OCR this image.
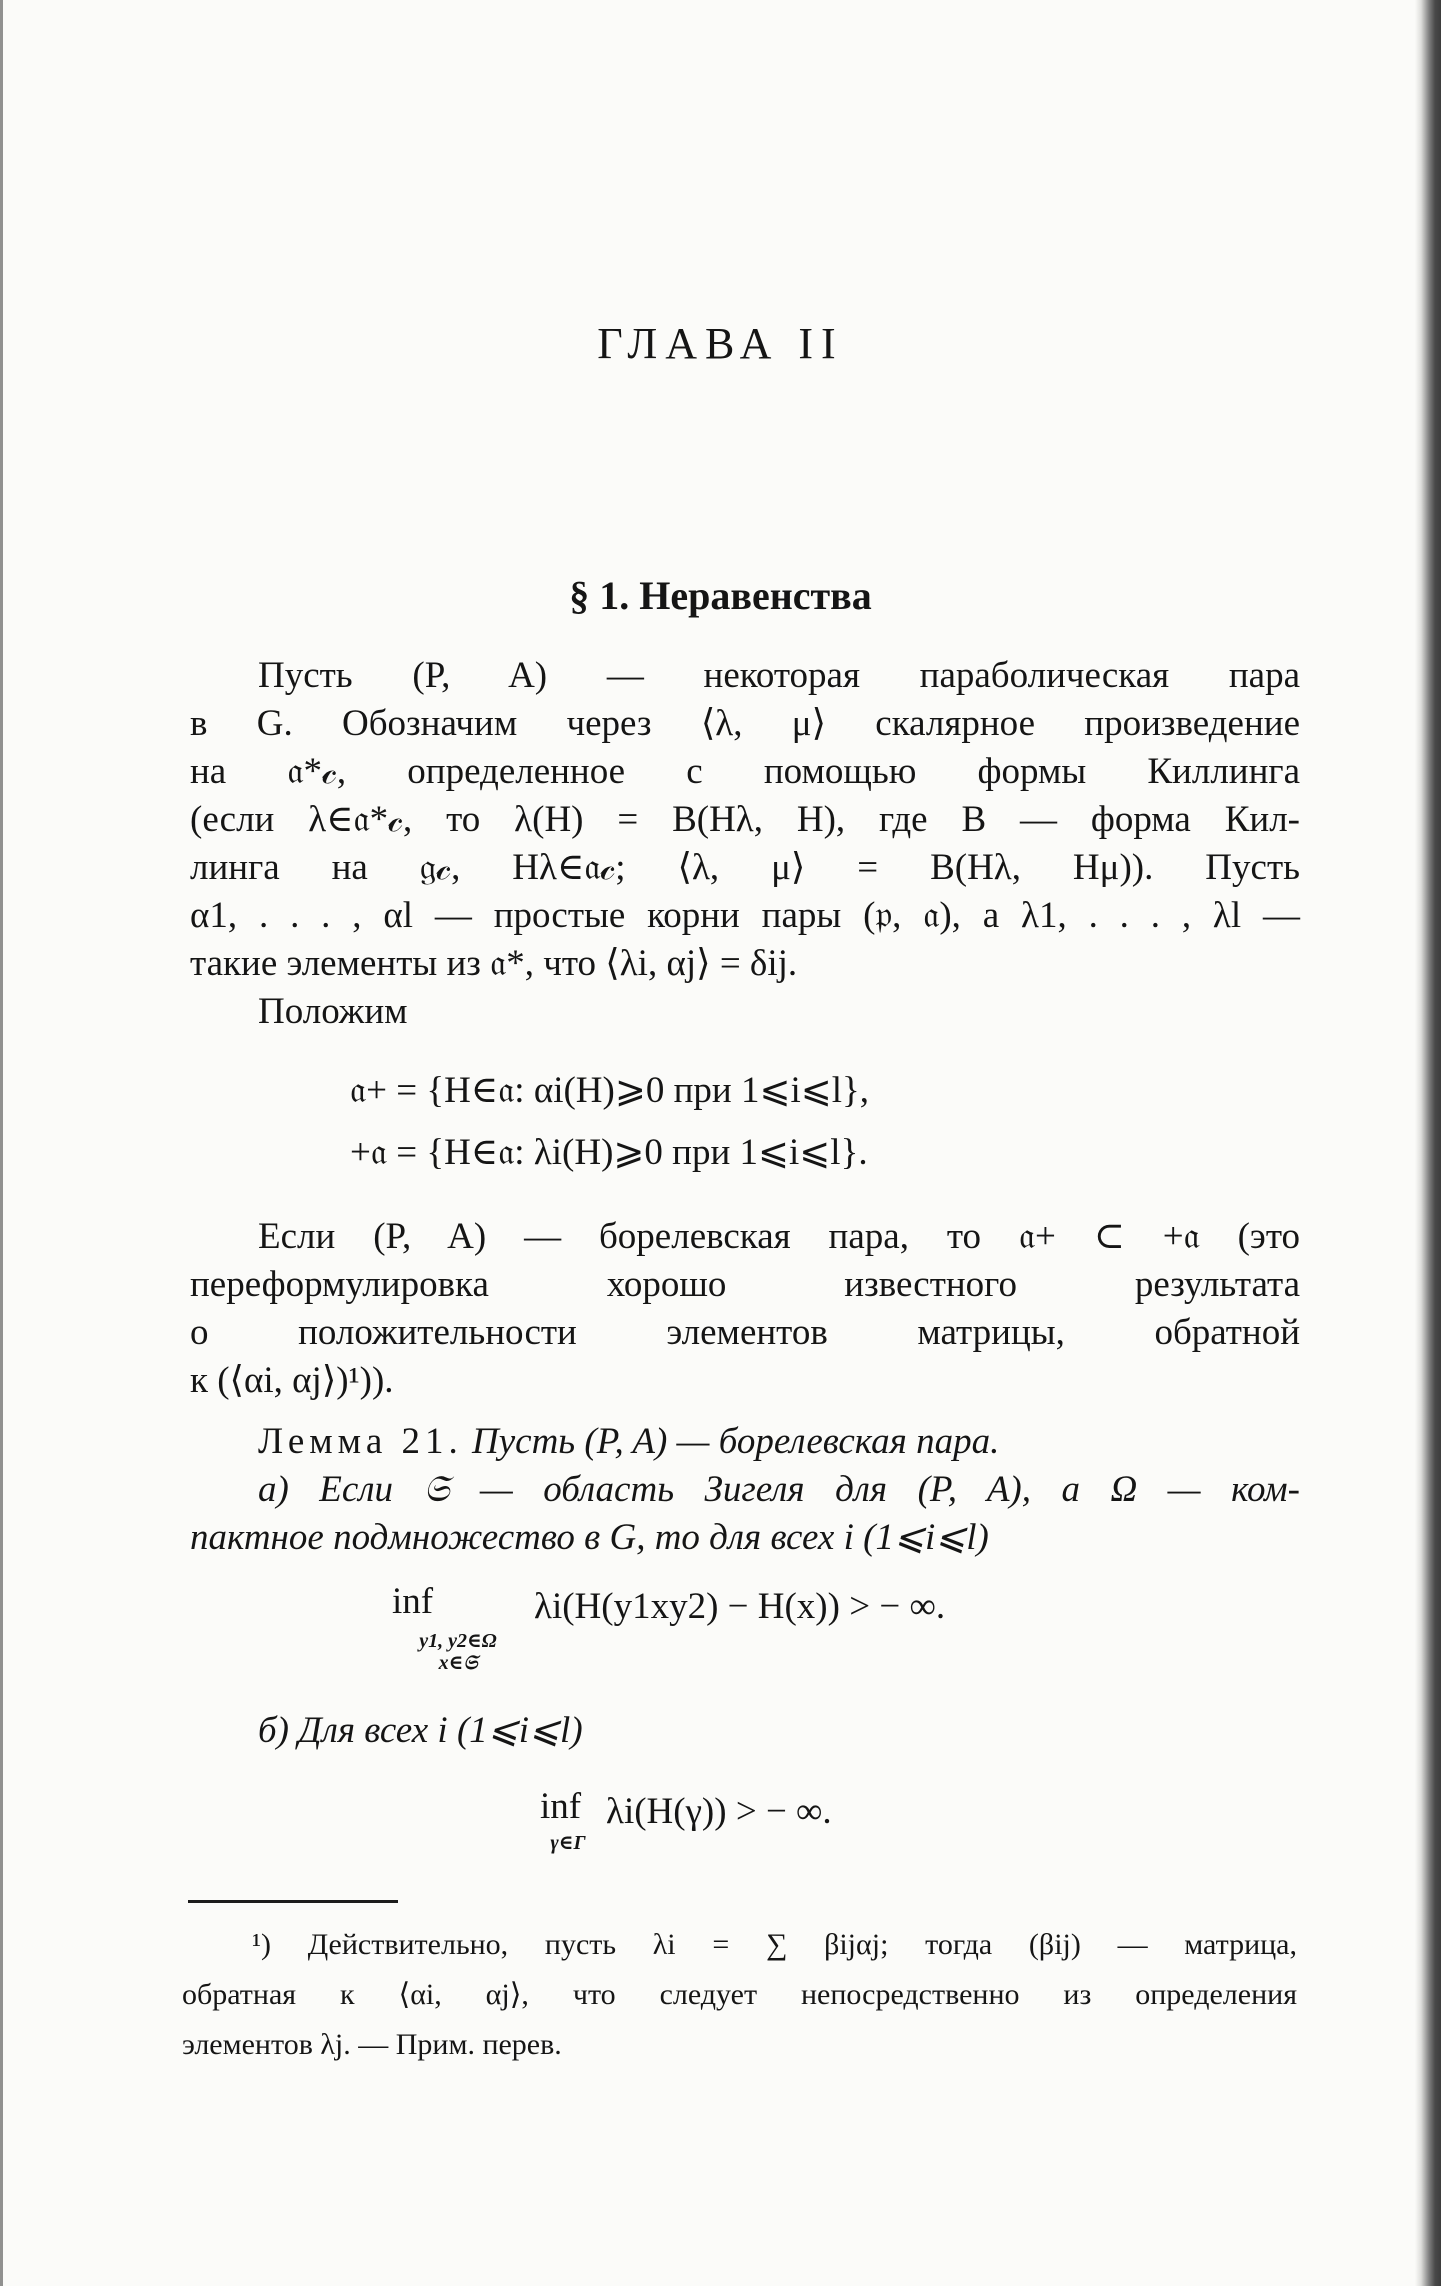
ГЛАВА II
§ 1. Неравенства
Пусть (P, A) — некоторая параболическая пара
в G. Обозначим через ⟨λ, μ⟩ скалярное произведение
на 𝔞*𝒸, определенное с помощью формы Киллинга
(если λ∈𝔞*𝒸, то λ(H) = B(Hλ, H), где B — форма Кил-
линга на 𝔤𝒸, Hλ∈𝔞𝒸; ⟨λ, μ⟩ = B(Hλ, Hμ)). Пусть
α1, . . . , αl — простые корни пары (𝔭, 𝔞), а λ1, . . . , λl —
такие элементы из 𝔞*, что ⟨λi, αj⟩ = δij.
Положим
𝔞+ = {H∈𝔞: αi(H)⩾0 при 1⩽i⩽l},
+𝔞 = {H∈𝔞: λi(H)⩾0 при 1⩽i⩽l}.
Если (P, A) — борелевская пара, то 𝔞+ ⊂ +𝔞 (это
переформулировка хорошо известного результата
о положительности элементов матрицы, обратной
к (⟨αi, αj⟩)¹)).
Лемма 21. Пусть (P, A) — борелевская пара.
а) Если 𝔖 — область Зигеля для (P, A), а Ω — ком-
пактное подмножество в G, то для всех i (1⩽i⩽l)
inf
y1, y2∈Ω
x∈𝔖
λi(H(y1xy2) − H(x)) > − ∞.
б) Для всех i (1⩽i⩽l)
inf
γ∈Γ
λi(H(γ)) > − ∞.
¹) Действительно, пусть λi = ∑ βijαj; тогда (βij) — матрица,
обратная к ⟨αi, αj⟩, что следует непосредственно из определения
элементов λj. — Прим. перев.
